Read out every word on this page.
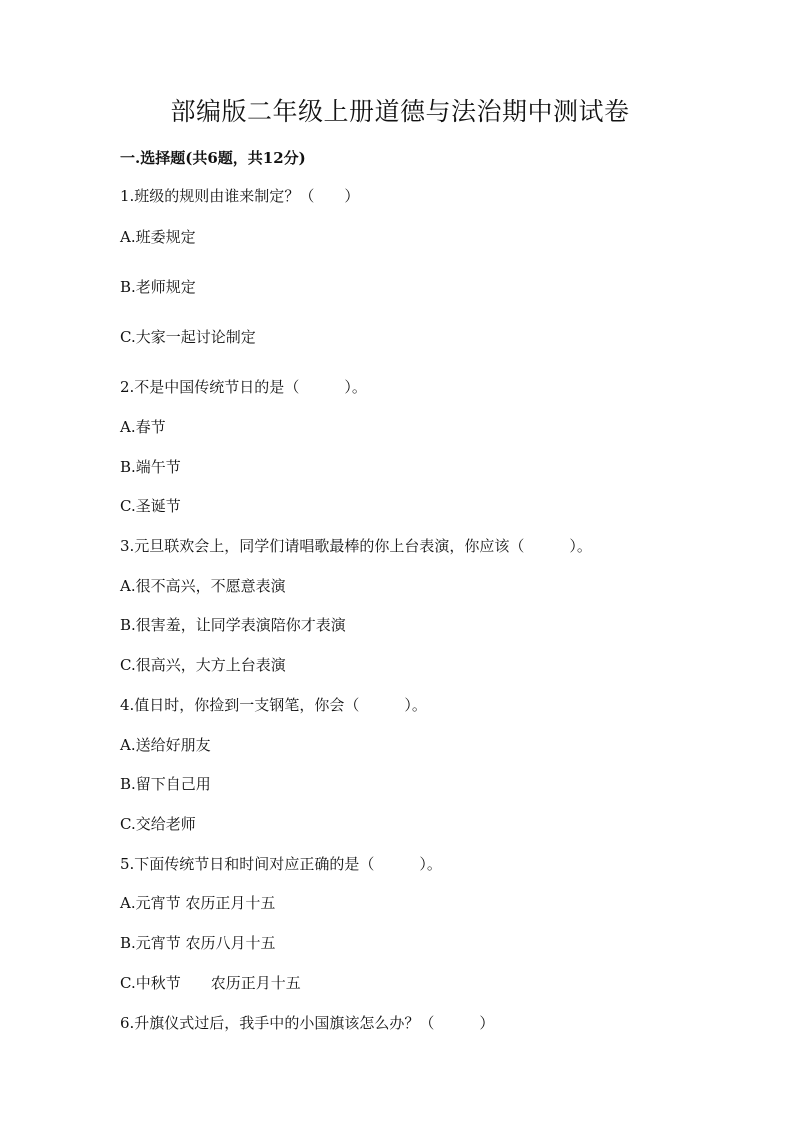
部编版二年级上册道德与法治期中测试卷
一.选择题(共6题，共12分)
1.班级的规则由谁来制定？（　　）
A.班委规定
B.老师规定
C.大家一起讨论制定
2.不是中国传统节日的是（　　　）。
A.春节
B.端午节
C.圣诞节
3.元旦联欢会上，同学们请唱歌最棒的你上台表演，你应该（　　　）。
A.很不高兴，不愿意表演
B.很害羞，让同学表演陪你才表演
C.很高兴，大方上台表演
4.值日时，你捡到一支钢笔，你会（　　　）。
A.送给好朋友
B.留下自己用
C.交给老师
5.下面传统节日和时间对应正确的是（　　　）。
A.元宵节 农历正月十五
B.元宵节 农历八月十五
C.中秋节　　农历正月十五
6.升旗仪式过后，我手中的小国旗该怎么办？（　　　）
